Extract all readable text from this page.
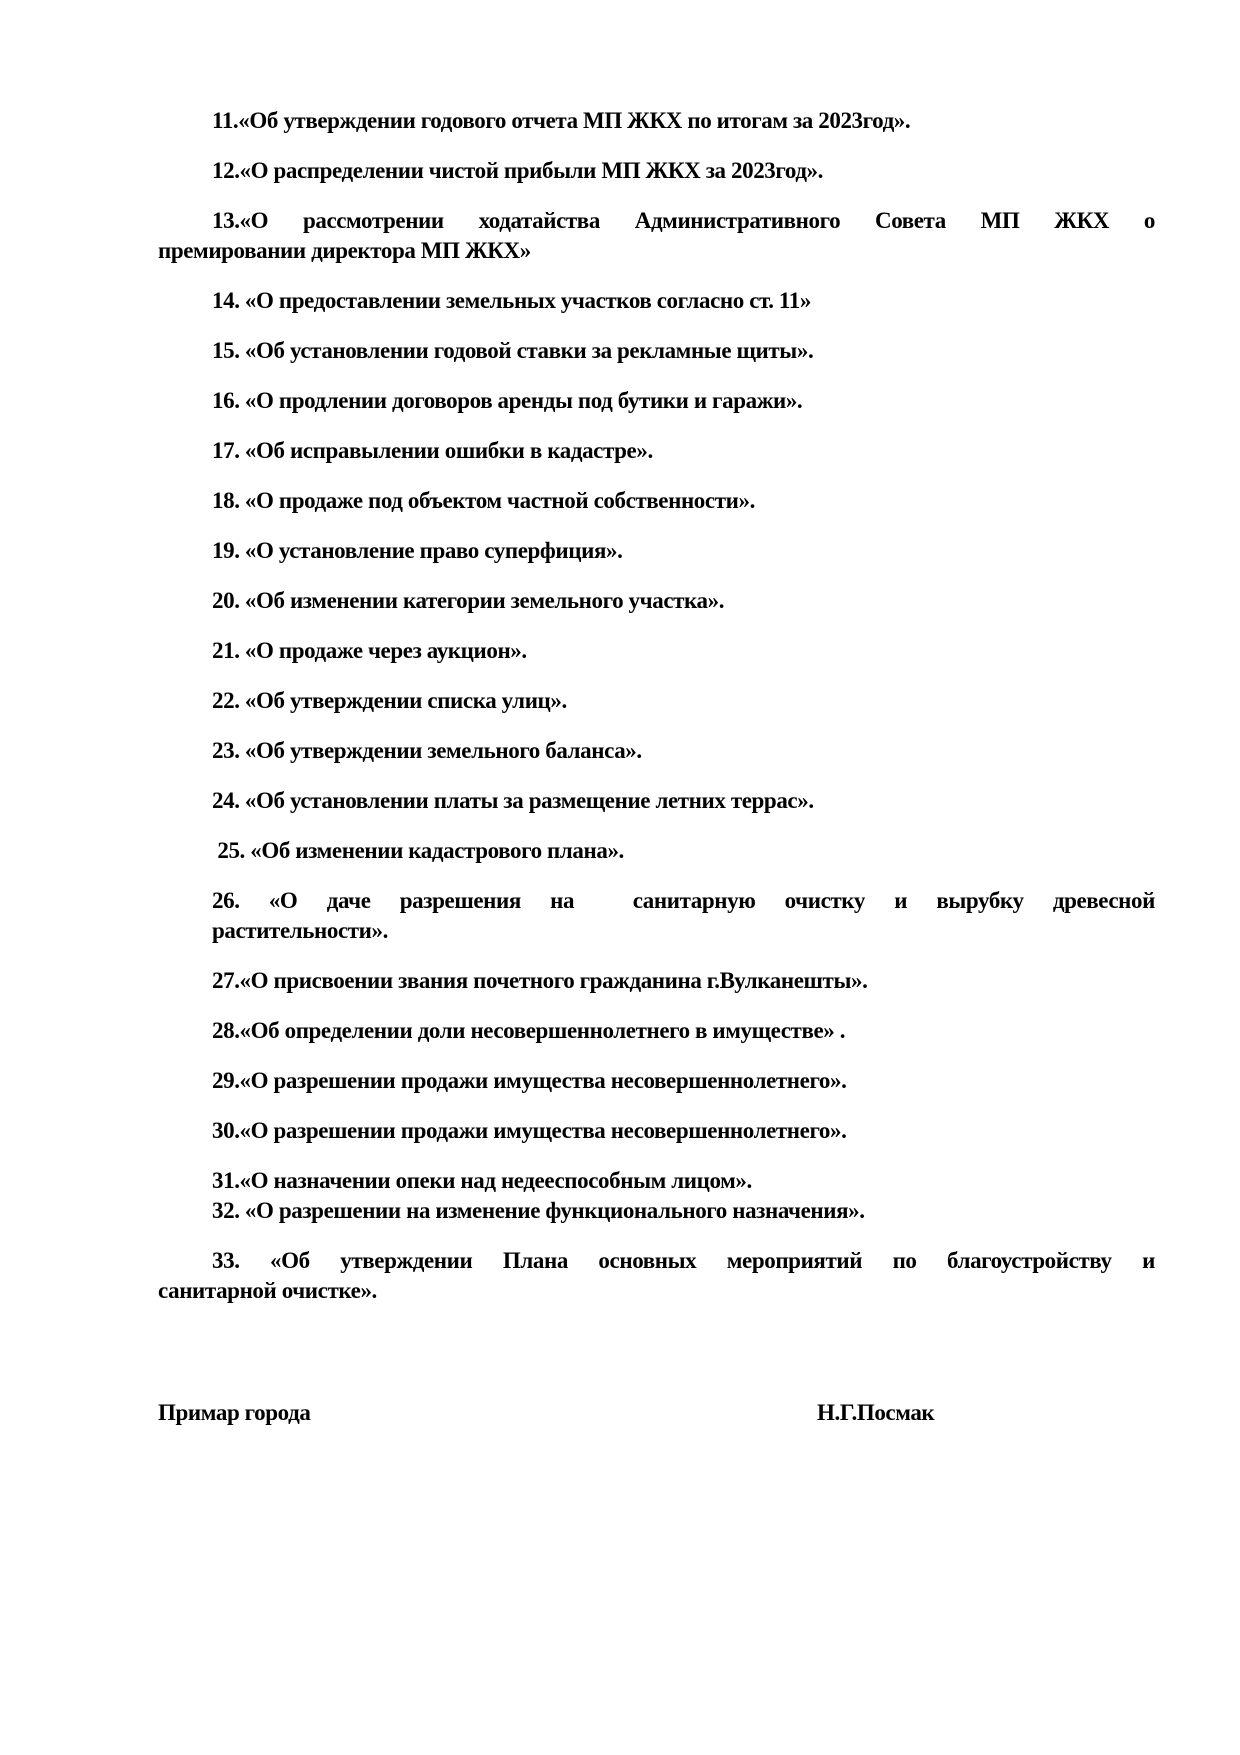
11.«Об утверждении годового отчета МП ЖКХ по итогам за 2023год».

12.«О распределении чистой прибыли МП ЖКХ за 2023год».

13.«О рассмотрении ходатайства Административного Совета МП ЖКХ о
премировании директора МП ЖКХ»

14. «О предоставлении земельных участков согласно ст. 11»

15. «Об установлении годовой ставки за рекламные щиты».

16. «О продлении договоров аренды под бутики и гаражи».

17. «Об исправылении ошибки в кадастре».

18. «О продаже под объектом частной собственности».

19. «О установление право суперфиция».

20. «Об изменении категории земельного участка».

21. «О продаже через аукцион».

22. «Об утверждении списка улиц».

23. «Об утверждении земельного баланса».

24. «Об установлении платы за размещение летних террас».

25. «Об изменении кадастрового плана».

26. «О даче разрешения на  санитарную очистку и вырубку древесной
растительности».

27.«О присвоении звания почетного гражданина г.Вулканешты».

28.«Об определении доли несовершеннолетнего в имуществе» .

29.«О разрешении продажи имущества несовершеннолетнего».

30.«О разрешении продажи имущества несовершеннолетнего».

31.«О назначении опеки над недееспособным лицом».

32. «О разрешении на изменение функционального назначения».

33. «Об утверждении Плана основных мероприятий по благоустройству и
санитарной очистке».

Примар города	Н.Г.Посмак
